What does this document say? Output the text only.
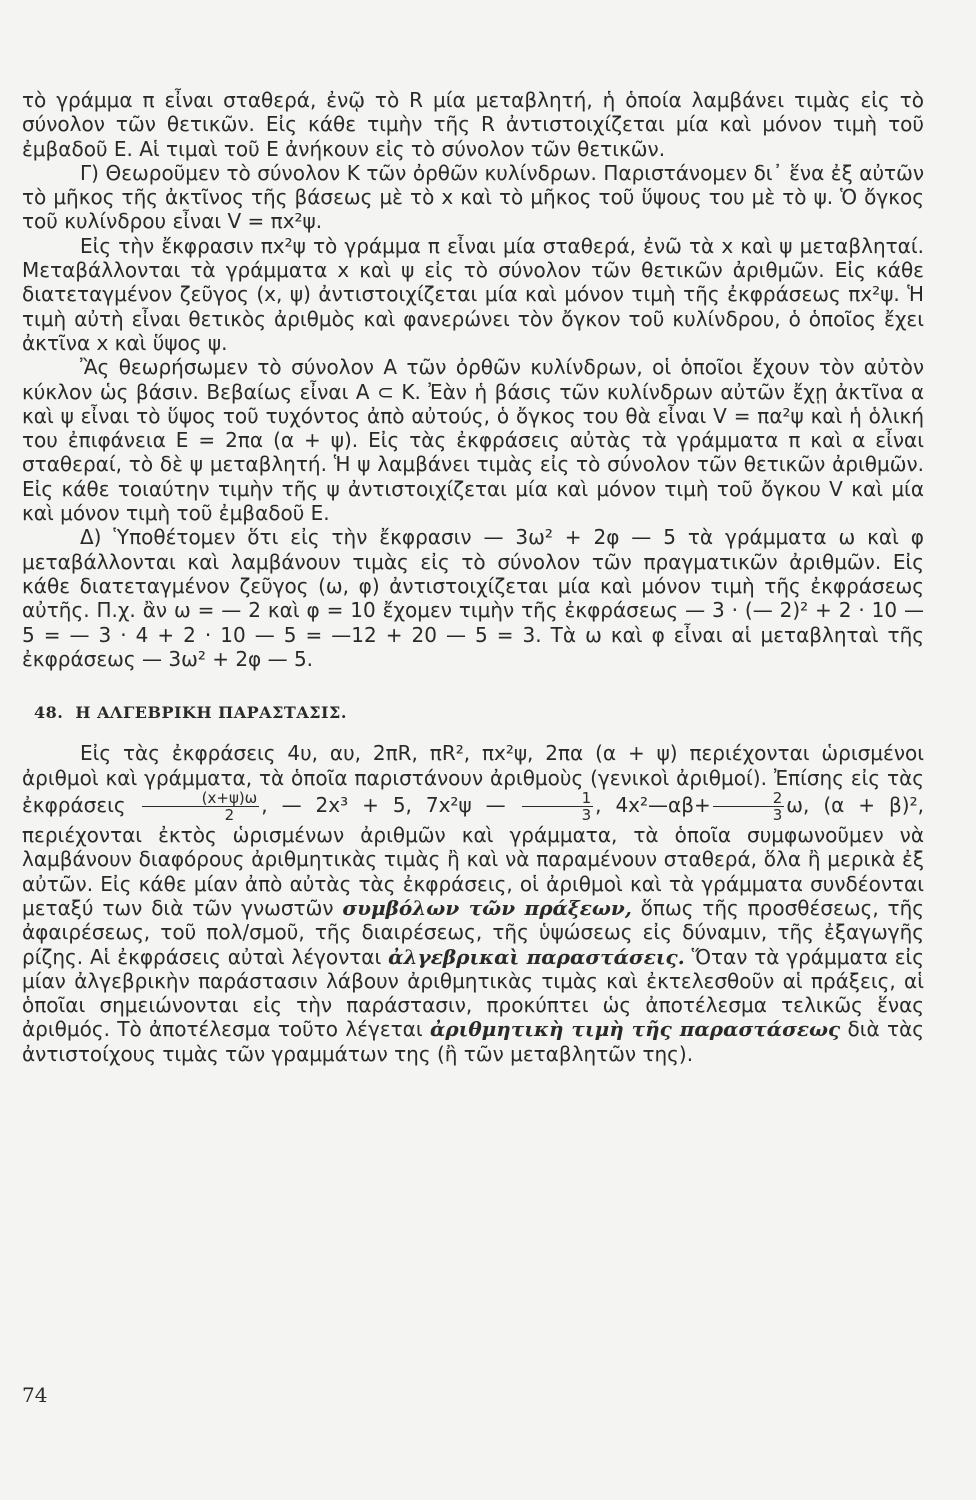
τὸ γράμμα π εἶναι σταθερά, ἐνῷ τὸ R μία μεταβλητή, ἡ ὁποία λαμβάνει τιμὰς εἰς τὸ σύνολον τῶν θετικῶν. Εἰς κάθε τιμὴν τῆς R ἀντιστοιχίζεται μία καὶ μόνον τιμὴ τοῦ ἐμβαδοῦ Ε. Αἱ τιμαὶ τοῦ Ε ἀνήκουν εἰς τὸ σύνολον τῶν θετικῶν.

Γ) Θεωροῦμεν τὸ σύνολον Κ τῶν ὀρθῶν κυλίνδρων. Παριστάνομεν δι᾽ ἕνα ἐξ αὐτῶν τὸ μῆκος τῆς ἀκτῖνος τῆς βάσεως μὲ τὸ x καὶ τὸ μῆκος τοῦ ὕψους του μὲ τὸ ψ. Ὁ ὄγκος τοῦ κυλίνδρου εἶναι V = πx²ψ.

Εἰς τὴν ἔκφρασιν πx²ψ τὸ γράμμα π εἶναι μία σταθερά, ἐνῶ τὰ x καὶ ψ μεταβληταί. Μεταβάλλονται τὰ γράμματα x καὶ ψ εἰς τὸ σύνολον τῶν θετικῶν ἀριθμῶν. Εἰς κάθε διατεταγμένον ζεῦγος (x, ψ) ἀντιστοιχίζεται μία καὶ μόνον τιμὴ τῆς ἐκφράσεως πx²ψ. Ἡ τιμὴ αὐτὴ εἶναι θετικὸς ἀριθμὸς καὶ φανερώνει τὸν ὄγκον τοῦ κυλίνδρου, ὁ ὁποῖος ἔχει ἀκτῖνα x καὶ ὕψος ψ.

Ἂς θεωρήσωμεν τὸ σύνολον Α τῶν ὀρθῶν κυλίνδρων, οἱ ὁποῖοι ἔχουν τὸν αὐτὸν κύκλον ὡς βάσιν. Βεβαίως εἶναι Α ⊂ Κ. Ἐὰν ἡ βάσις τῶν κυλίνδρων αὐτῶν ἔχῃ ἀκτῖνα α καὶ ψ εἶναι τὸ ὕψος τοῦ τυχόντος ἀπὸ αὐτούς, ὁ ὄγκος του θὰ εἶναι V = πα²ψ καὶ ἡ ὁλική του ἐπιφάνεια Ε = 2πα (α + ψ). Εἰς τὰς ἐκφράσεις αὐτὰς τὰ γράμματα π καὶ α εἶναι σταθεραί, τὸ δὲ ψ μεταβλητή. Ἡ ψ λαμβάνει τιμὰς εἰς τὸ σύνολον τῶν θετικῶν ἀριθμῶν. Εἰς κάθε τοιαύτην τιμὴν τῆς ψ ἀντιστοιχίζεται μία καὶ μόνον τιμὴ τοῦ ὄγκου V καὶ μία καὶ μόνον τιμὴ τοῦ ἐμβαδοῦ Ε.

Δ) Ὑποθέτομεν ὅτι εἰς τὴν ἔκφρασιν — 3ω² + 2φ — 5 τὰ γράμματα ω καὶ φ μεταβάλλονται καὶ λαμβάνουν τιμὰς εἰς τὸ σύνολον τῶν πραγματικῶν ἀριθμῶν. Εἰς κάθε διατεταγμένον ζεῦγος (ω, φ) ἀντιστοιχίζεται μία καὶ μόνον τιμὴ τῆς ἐκφράσεως αὐτῆς. Π.χ. ἂν ω = — 2 καὶ φ = 10 ἔχομεν τιμὴν τῆς ἐκφράσεως — 3 · (— 2)² + 2 · 10 — 5 = — 3 · 4 + 2 · 10 — 5 = —12 + 20 — 5 = 3. Τὰ ω καὶ φ εἶναι αἱ μεταβληταὶ τῆς ἐκφράσεως — 3ω² + 2φ — 5.

48. Η ΑΛΓΕΒΡΙΚΗ ΠΑΡΑΣΤΑΣΙΣ.

Εἰς τὰς ἐκφράσεις 4υ, αυ, 2πR, πR², πx²ψ, 2πα (α + ψ) περιέχονται ὡρισμένοι ἀριθμοὶ καὶ γράμματα, τὰ ὁποῖα παριστάνουν ἀριθμοὺς (γενικοὶ ἀριθμοί). Ἐπίσης εἰς τὰς ἐκφράσεις $\frac{(x+\psi)\omega}{2}$ , — 2x³ + 5, 7x²ψ — $\frac{1}{3}$ , 4x²—αβ+ $\frac{2}{3} \omega$, (α + β)², περιέχονται ἐκτὸς ὡρισμένων ἀριθμῶν καὶ γράμματα, τὰ ὁποῖα συμφωνοῦμεν νὰ λαμβάνουν διαφόρους ἀριθμητικὰς τιμὰς ἢ καὶ νὰ παραμένουν σταθερά, ὅλα ἢ μερικὰ ἐξ αὐτῶν. Εἰς κάθε μίαν ἀπὸ αὐτὰς τὰς ἐκφράσεις, οἱ ἀριθμοὶ καὶ τὰ γράμματα συνδέονται μεταξύ των διὰ τῶν γνωστῶν συμβόλων τῶν πράξεων, ὅπως τῆς προσθέσεως, τῆς ἀφαιρέσεως, τοῦ πολ/σμοῦ, τῆς διαιρέσεως, τῆς ὑψώσεως εἰς δύναμιν, τῆς ἐξαγωγῆς ρίζης. Αἱ ἐκφράσεις αὐταὶ λέγονται ἀλγεβρικαὶ παραστάσεις. Ὅταν τὰ γράμματα εἰς μίαν ἀλγεβρικὴν παράστασιν λάβουν ἀριθμητικὰς τιμὰς καὶ ἐκτελεσθοῦν αἱ πράξεις, αἱ ὁποῖαι σημειώνονται εἰς τὴν παράστασιν, προκύπτει ὡς ἀποτέλεσμα τελικῶς ἕνας ἀριθμός. Τὸ ἀποτέλεσμα τοῦτο λέγεται ἀριθμητικὴ τιμὴ τῆς παραστάσεως διὰ τὰς ἀντιστοίχους τιμὰς τῶν γραμμάτων της (ἢ τῶν μεταβλητῶν της).

74
